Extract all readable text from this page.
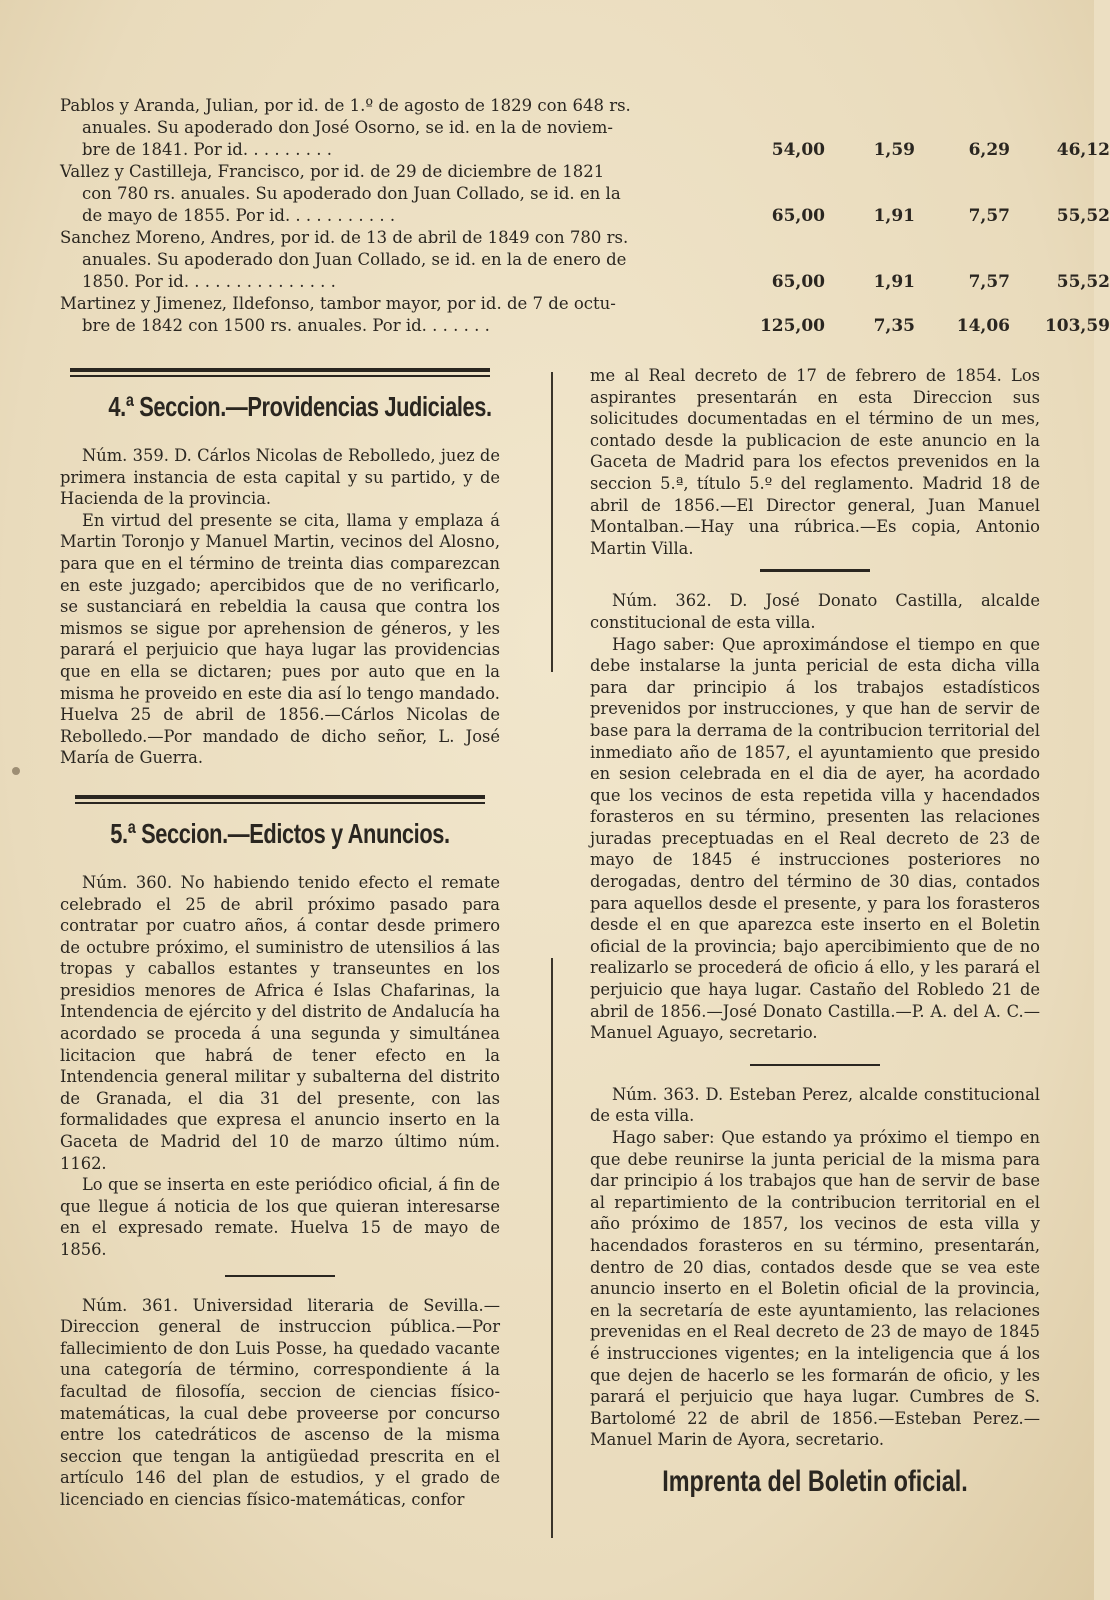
Pablos y Aranda, Julian, por id. de 1.º de agosto de 1829 con 648 rs.
anuales. Su apoderado don José Osorno, se id. en la de noviem-
bre de 1841. Por id. . . . . . . . .	54,00	1,59	6,29	46,12
Vallez y Castilleja, Francisco, por id. de 29 de diciembre de 1821
con 780 rs. anuales. Su apoderado don Juan Collado, se id. en la
de mayo de 1855. Por id. . . . . . . . . . .	65,00	1,91	7,57	55,52
Sanchez Moreno, Andres, por id. de 13 de abril de 1849 con 780 rs.
anuales. Su apoderado don Juan Collado, se id. en la de enero de
1850. Por id. . . . . . . . . . . . . . .	65,00	1,91	7,57	55,52
Martinez y Jimenez, Ildefonso, tambor mayor, por id. de 7 de octu-
bre de 1842 con 1500 rs. anuales. Por id. . . . . . .	125,00	7,35	14,06	103,59
4.ª Seccion.—Providencias Judiciales.

Núm. 359. D. Cárlos Nicolas de Rebolledo, juez de primera instancia de esta capital y su partido, y de Hacienda de la provincia.

En virtud del presente se cita, llama y emplaza á Martin Toronjo y Manuel Martin, vecinos del Alosno, para que en el término de treinta dias comparezcan en este juzgado; apercibidos que de no verificarlo, se sustanciará en rebeldia la causa que contra los mismos se sigue por aprehension de géneros, y les parará el perjuicio que haya lugar las providencias que en ella se dictaren; pues por auto que en la misma he proveido en este dia así lo tengo mandado. Huelva 25 de abril de 1856.—Cárlos Nicolas de Rebolledo.—Por mandado de dicho señor, L. José María de Guerra.

5.ª Seccion.—Edictos y Anuncios.

Núm. 360. No habiendo tenido efecto el remate celebrado el 25 de abril próximo pasado para contratar por cuatro años, á contar desde primero de octubre próximo, el suministro de utensilios á las tropas y caballos estantes y transeuntes en los presidios menores de Africa é Islas Chafarinas, la Intendencia de ejército y del distrito de Andalucía ha acordado se proceda á una segunda y simultánea licitacion que habrá de tener efecto en la Intendencia general militar y subalterna del distrito de Granada, el dia 31 del presente, con las formalidades que expresa el anuncio inserto en la Gaceta de Madrid del 10 de marzo último núm. 1162.

Lo que se inserta en este periódico oficial, á fin de que llegue á noticia de los que quieran interesarse en el expresado remate. Huelva 15 de mayo de 1856.

Núm. 361. Universidad literaria de Sevilla.—Direccion general de instruccion pública.—Por fallecimiento de don Luis Posse, ha quedado vacante una categoría de término, correspondiente á la facultad de filosofía, seccion de ciencias físico-matemáticas, la cual debe proveerse por concurso entre los catedráticos de ascenso de la misma seccion que tengan la antigüedad prescrita en el artículo 146 del plan de estudios, y el grado de licenciado en ciencias físico-matemáticas, confor

me al Real decreto de 17 de febrero de 1854. Los aspirantes presentarán en esta Direccion sus solicitudes documentadas en el término de un mes, contado desde la publicacion de este anuncio en la Gaceta de Madrid para los efectos prevenidos en la seccion 5.ª, título 5.º del reglamento. Madrid 18 de abril de 1856.—El Director general, Juan Manuel Montalban.—Hay una rúbrica.—Es copia, Antonio Martin Villa.

Núm. 362. D. José Donato Castilla, alcalde constitucional de esta villa.

Hago saber: Que aproximándose el tiempo en que debe instalarse la junta pericial de esta dicha villa para dar principio á los trabajos estadísticos prevenidos por instrucciones, y que han de servir de base para la derrama de la contribucion territorial del inmediato año de 1857, el ayuntamiento que presido en sesion celebrada en el dia de ayer, ha acordado que los vecinos de esta repetida villa y hacendados forasteros en su término, presenten las relaciones juradas preceptuadas en el Real decreto de 23 de mayo de 1845 é instrucciones posteriores no derogadas, dentro del término de 30 dias, contados para aquellos desde el presente, y para los forasteros desde el en que aparezca este inserto en el Boletin oficial de la provincia; bajo apercibimiento que de no realizarlo se procederá de oficio á ello, y les parará el perjuicio que haya lugar. Castaño del Robledo 21 de abril de 1856.—José Donato Castilla.—P. A. del A. C.—Manuel Aguayo, secretario.

Núm. 363. D. Esteban Perez, alcalde constitucional de esta villa.

Hago saber: Que estando ya próximo el tiempo en que debe reunirse la junta pericial de la misma para dar principio á los trabajos que han de servir de base al repartimiento de la contribucion territorial en el año próximo de 1857, los vecinos de esta villa y hacendados forasteros en su término, presentarán, dentro de 20 dias, contados desde que se vea este anuncio inserto en el Boletin oficial de la provincia, en la secretaría de este ayuntamiento, las relaciones prevenidas en el Real decreto de 23 de mayo de 1845 é instrucciones vigentes; en la inteligencia que á los que dejen de hacerlo se les formarán de oficio, y les parará el perjuicio que haya lugar. Cumbres de S. Bartolomé 22 de abril de 1856.—Esteban Perez.—Manuel Marin de Ayora, secretario.

Imprenta del Boletin oficial.
